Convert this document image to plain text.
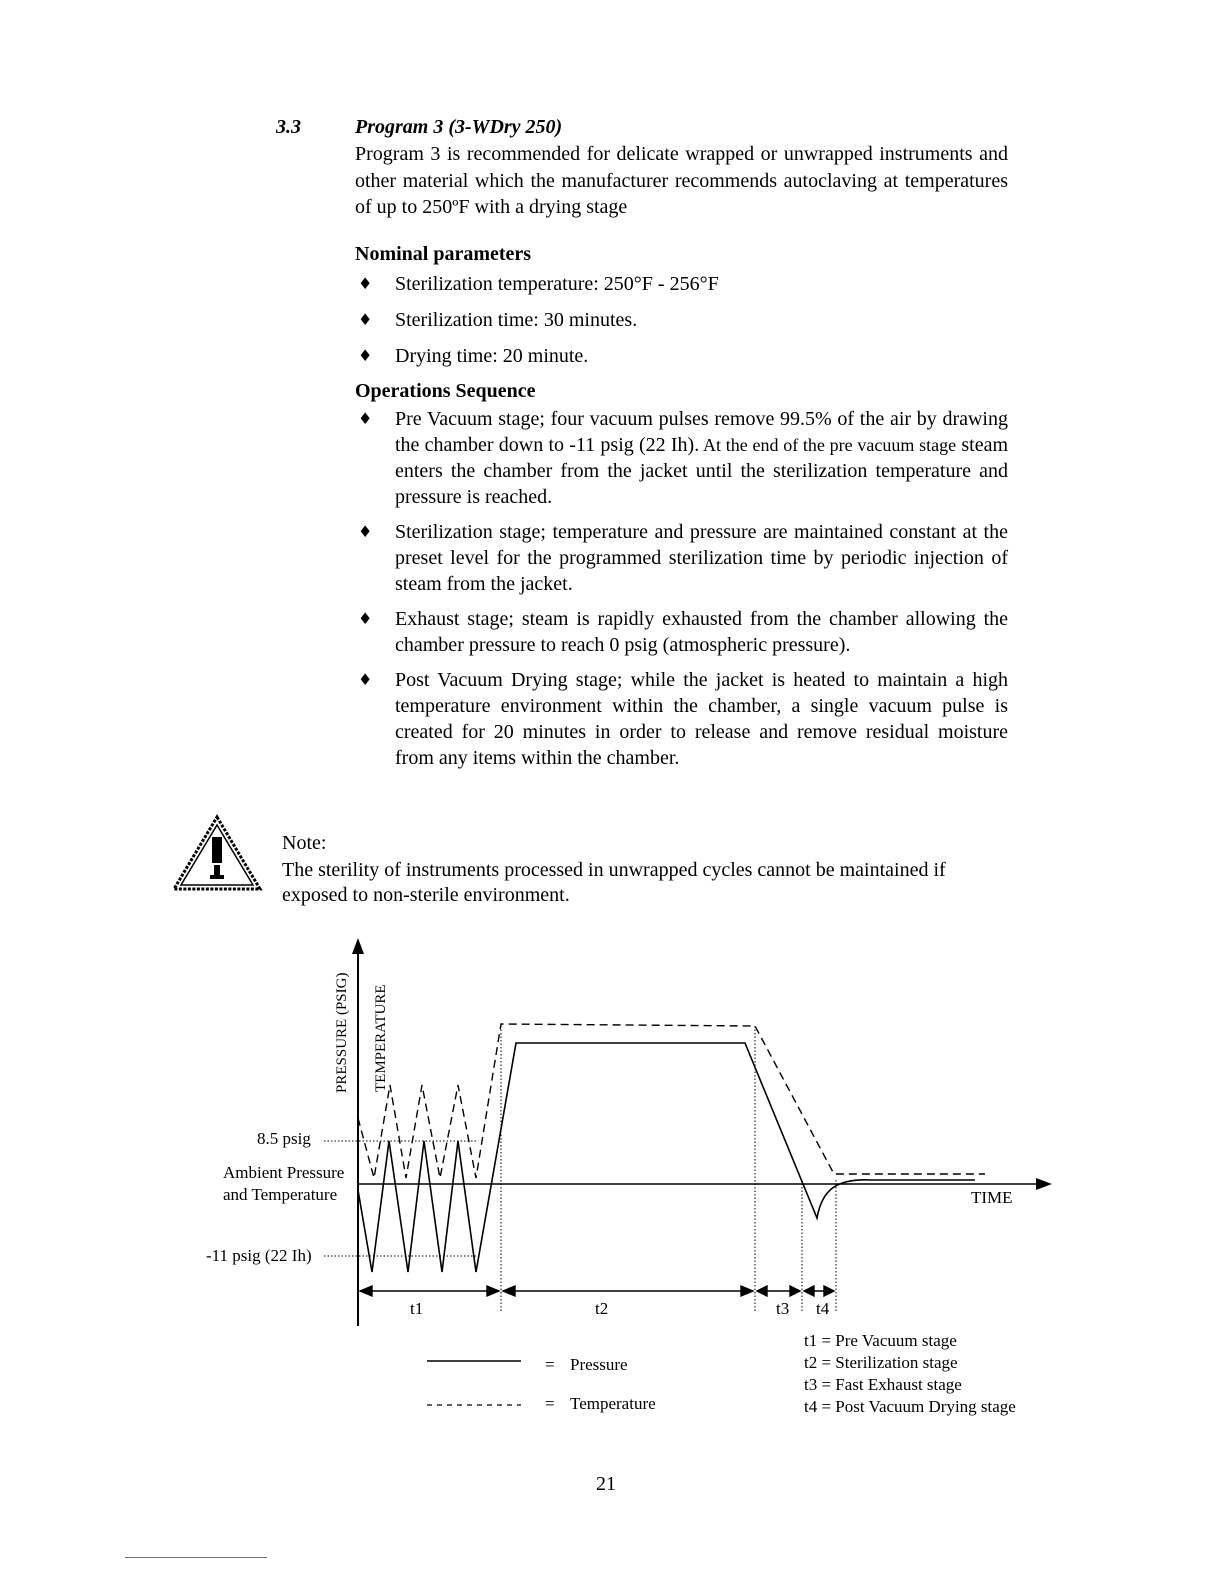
3.3	Program 3 (3-WDry 250)
Program 3 is recommended for delicate wrapped or unwrapped instruments and other material which the manufacturer recommends autoclaving at temperatures of up to 250ºF with a drying stage
Nominal parameters
♦ Sterilization temperature: 250°F - 256°F
♦ Sterilization time: 30 minutes.
♦ Drying time: 20 minute.
Operations Sequence
♦ Pre Vacuum stage; four vacuum pulses remove 99.5% of the air by drawing the chamber down to -11 psig (22 Ih). At the end of the pre vacuum stage steam enters the chamber from the jacket until the sterilization temperature and pressure is reached.
♦ Sterilization stage; temperature and pressure are maintained constant at the preset level for the programmed sterilization time by periodic injection of steam from the jacket.
♦ Exhaust stage; steam is rapidly exhausted from the chamber allowing the chamber pressure to reach 0 psig (atmospheric pressure).
♦ Post Vacuum Drying stage; while the jacket is heated to maintain a high temperature environment within the chamber, a single vacuum pulse is created for 20 minutes in order to release and remove residual moisture from any items within the chamber.
Note:
The sterility of instruments processed in unwrapped cycles cannot be maintained if exposed to non-sterile environment.
PRESSURE (PSIG) TEMPERATURE
TIME
8.5 psig
Ambient Pressure
and Temperature
-11 psig (22 Ih)
t1	t2	t3 t4
= Pressure
= Temperature
t1 = Pre Vacuum stage
t2 = Sterilization stage
t3 = Fast Exhaust stage
t4 = Post Vacuum Drying stage
21
